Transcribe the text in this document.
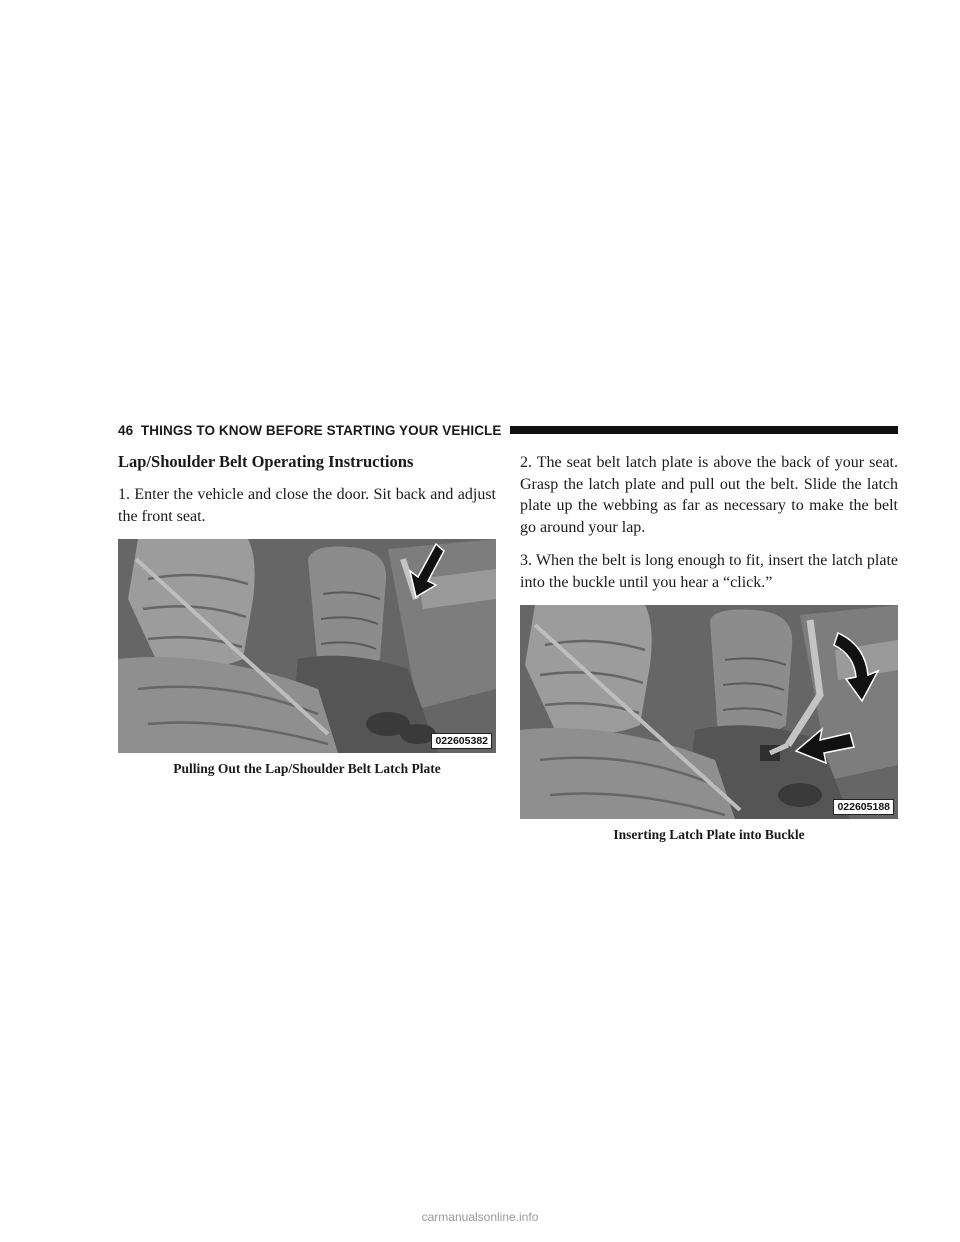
46 THINGS TO KNOW BEFORE STARTING YOUR VEHICLE
Lap/Shoulder Belt Operating Instructions

1. Enter the vehicle and close the door. Sit back and adjust the front seat.

022605382
Pulling Out the Lap/Shoulder Belt Latch Plate

2. The seat belt latch plate is above the back of your seat. Grasp the latch plate and pull out the belt. Slide the latch plate up the webbing as far as necessary to make the belt go around your lap.

3. When the belt is long enough to fit, insert the latch plate into the buckle until you hear a “click.”

022605188
Inserting Latch Plate into Buckle
carmanualsonline.info
